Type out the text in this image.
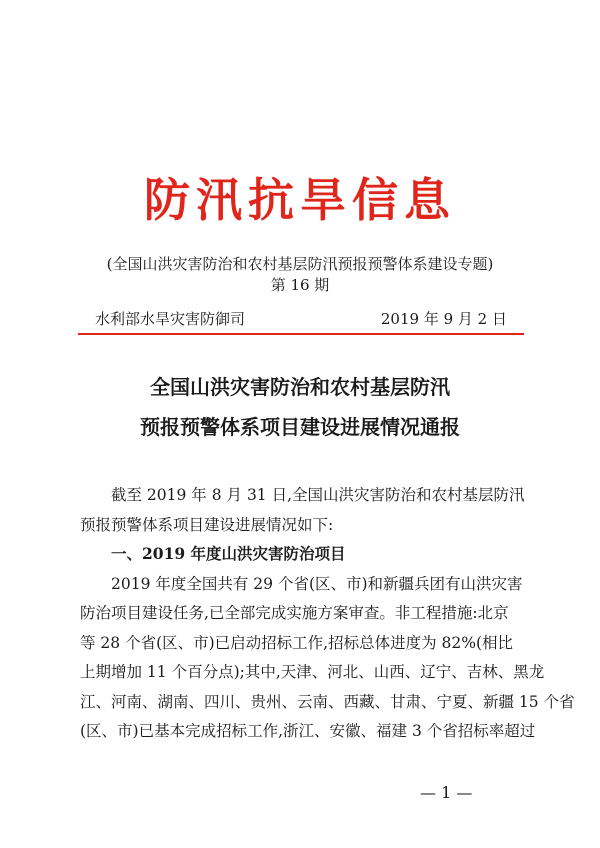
防汛抗旱信息
(全国山洪灾害防治和农村基层防汛预报预警体系建设专题)
第 16 期
水利部水旱灾害防御司	2019 年 9 月 2 日
全国山洪灾害防治和农村基层防汛
预报预警体系项目建设进展情况通报
截至 2019 年 8 月 31 日,全国山洪灾害防治和农村基层防汛
预报预警体系项目建设进展情况如下:
一、2019 年度山洪灾害防治项目
2019 年度全国共有 29 个省(区、市)和新疆兵团有山洪灾害
防治项目建设任务,已全部完成实施方案审查。非工程措施:北京
等 28 个省(区、市)已启动招标工作,招标总体进度为 82%(相比
上期增加 11 个百分点);其中,天津、河北、山西、辽宁、吉林、黑龙
江、河南、湖南、四川、贵州、云南、西藏、甘肃、宁夏、新疆 15 个省
(区、市)已基本完成招标工作,浙江、安徽、福建 3 个省招标率超过
— 1 —
